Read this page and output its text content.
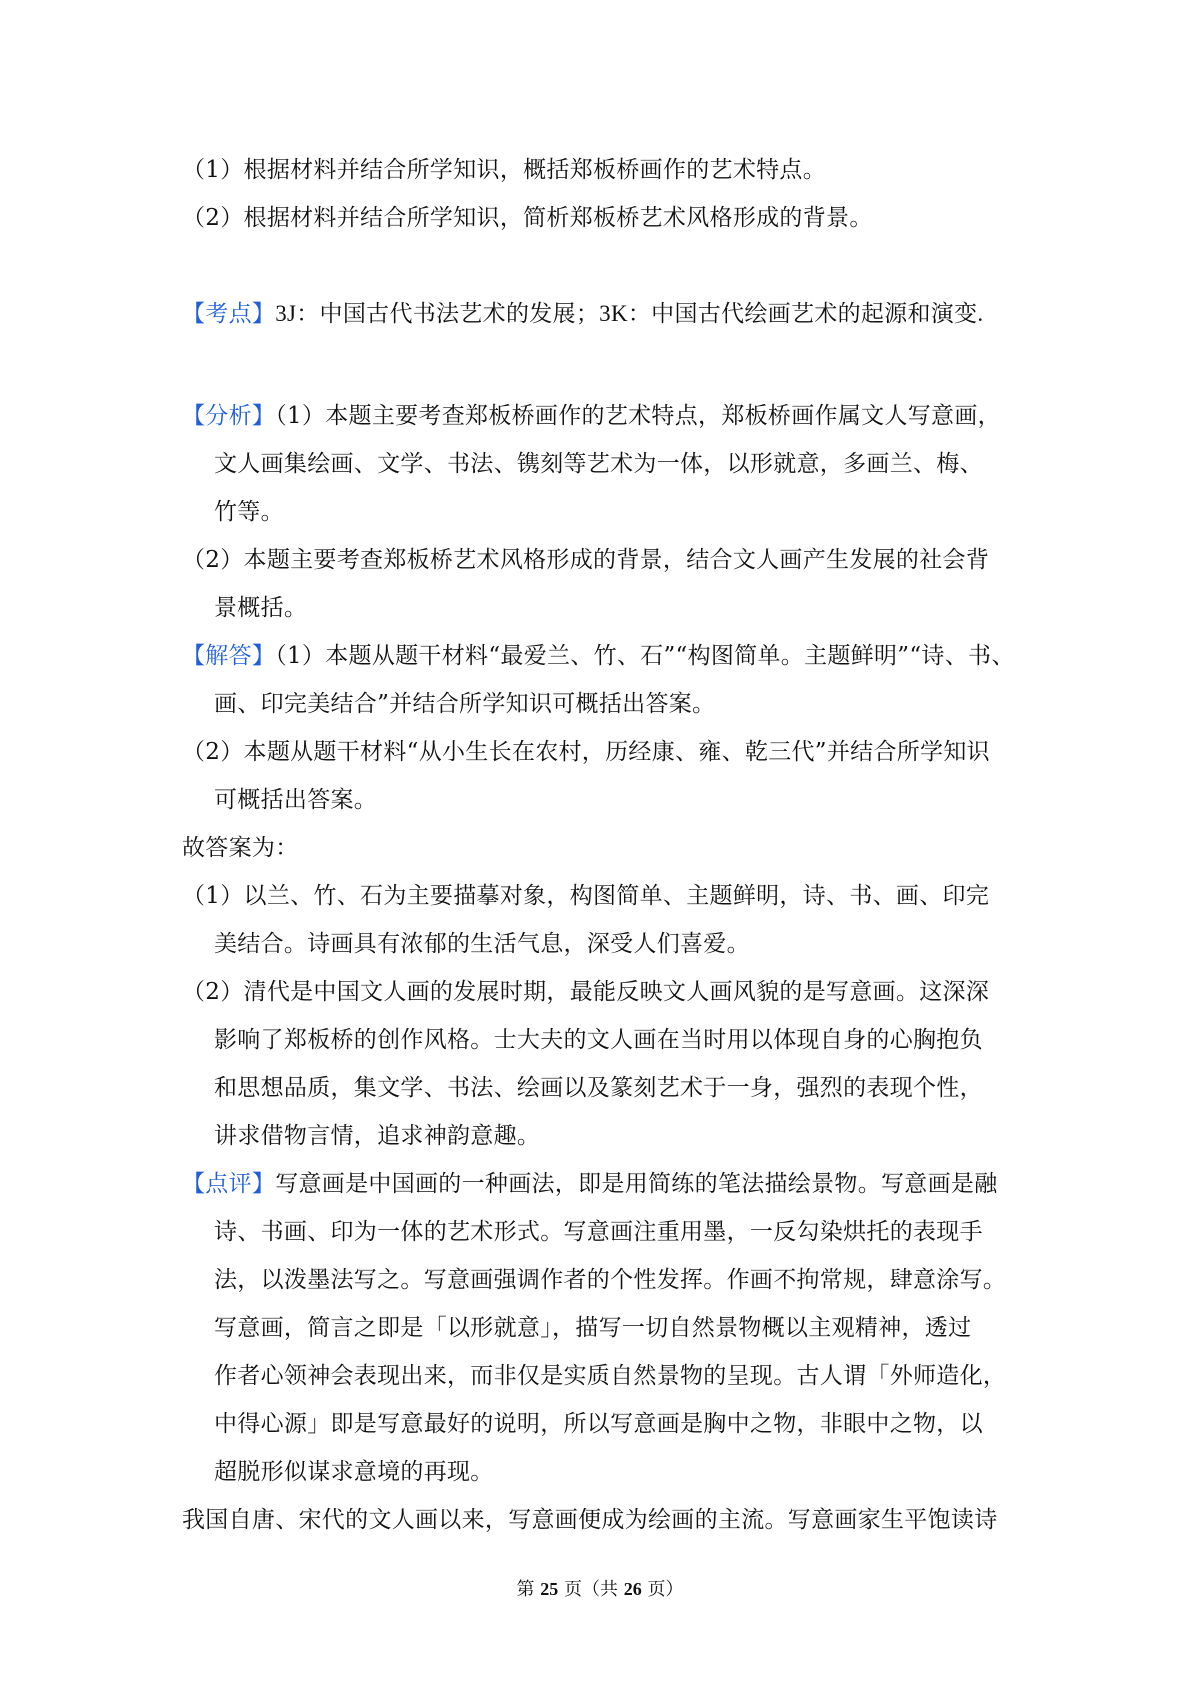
（1）根据材料并结合所学知识，概括郑板桥画作的艺术特点。
（2）根据材料并结合所学知识，简析郑板桥艺术风格形成的背景。
【考点】3J：中国古代书法艺术的发展；3K：中国古代绘画艺术的起源和演变.
【分析】（1）本题主要考查郑板桥画作的艺术特点，郑板桥画作属文人写意画，
文人画集绘画、文学、书法、镌刻等艺术为一体，以形就意，多画兰、梅、
竹等。
（2）本题主要考查郑板桥艺术风格形成的背景，结合文人画产生发展的社会背
景概括。
【解答】（1）本题从题干材料“最爱兰、竹、石”“构图简单。主题鲜明”“诗、书、
画、印完美结合”并结合所学知识可概括出答案。
（2）本题从题干材料“从小生长在农村，历经康、雍、乾三代”并结合所学知识
可概括出答案。
故答案为：
（1）以兰、竹、石为主要描摹对象，构图简单、主题鲜明，诗、书、画、印完
美结合。诗画具有浓郁的生活气息，深受人们喜爱。
（2）清代是中国文人画的发展时期，最能反映文人画风貌的是写意画。这深深
影响了郑板桥的创作风格。士大夫的文人画在当时用以体现自身的心胸抱负
和思想品质，集文学、书法、绘画以及篆刻艺术于一身，强烈的表现个性，
讲求借物言情，追求神韵意趣。
【点评】写意画是中国画的一种画法，即是用简练的笔法描绘景物。写意画是融
诗、书画、印为一体的艺术形式。写意画注重用墨，一反勾染烘托的表现手
法，以泼墨法写之。写意画强调作者的个性发挥。作画不拘常规，肆意涂写。
写意画，简言之即是「以形就意」，描写一切自然景物概以主观精神，透过
作者心领神会表现出来，而非仅是实质自然景物的呈现。古人谓「外师造化，
中得心源」即是写意最好的说明，所以写意画是胸中之物，非眼中之物，以
超脱形似谋求意境的再现。
我国自唐、宋代的文人画以来，写意画便成为绘画的主流。写意画家生平饱读诗
第 25 页（共 26 页）
